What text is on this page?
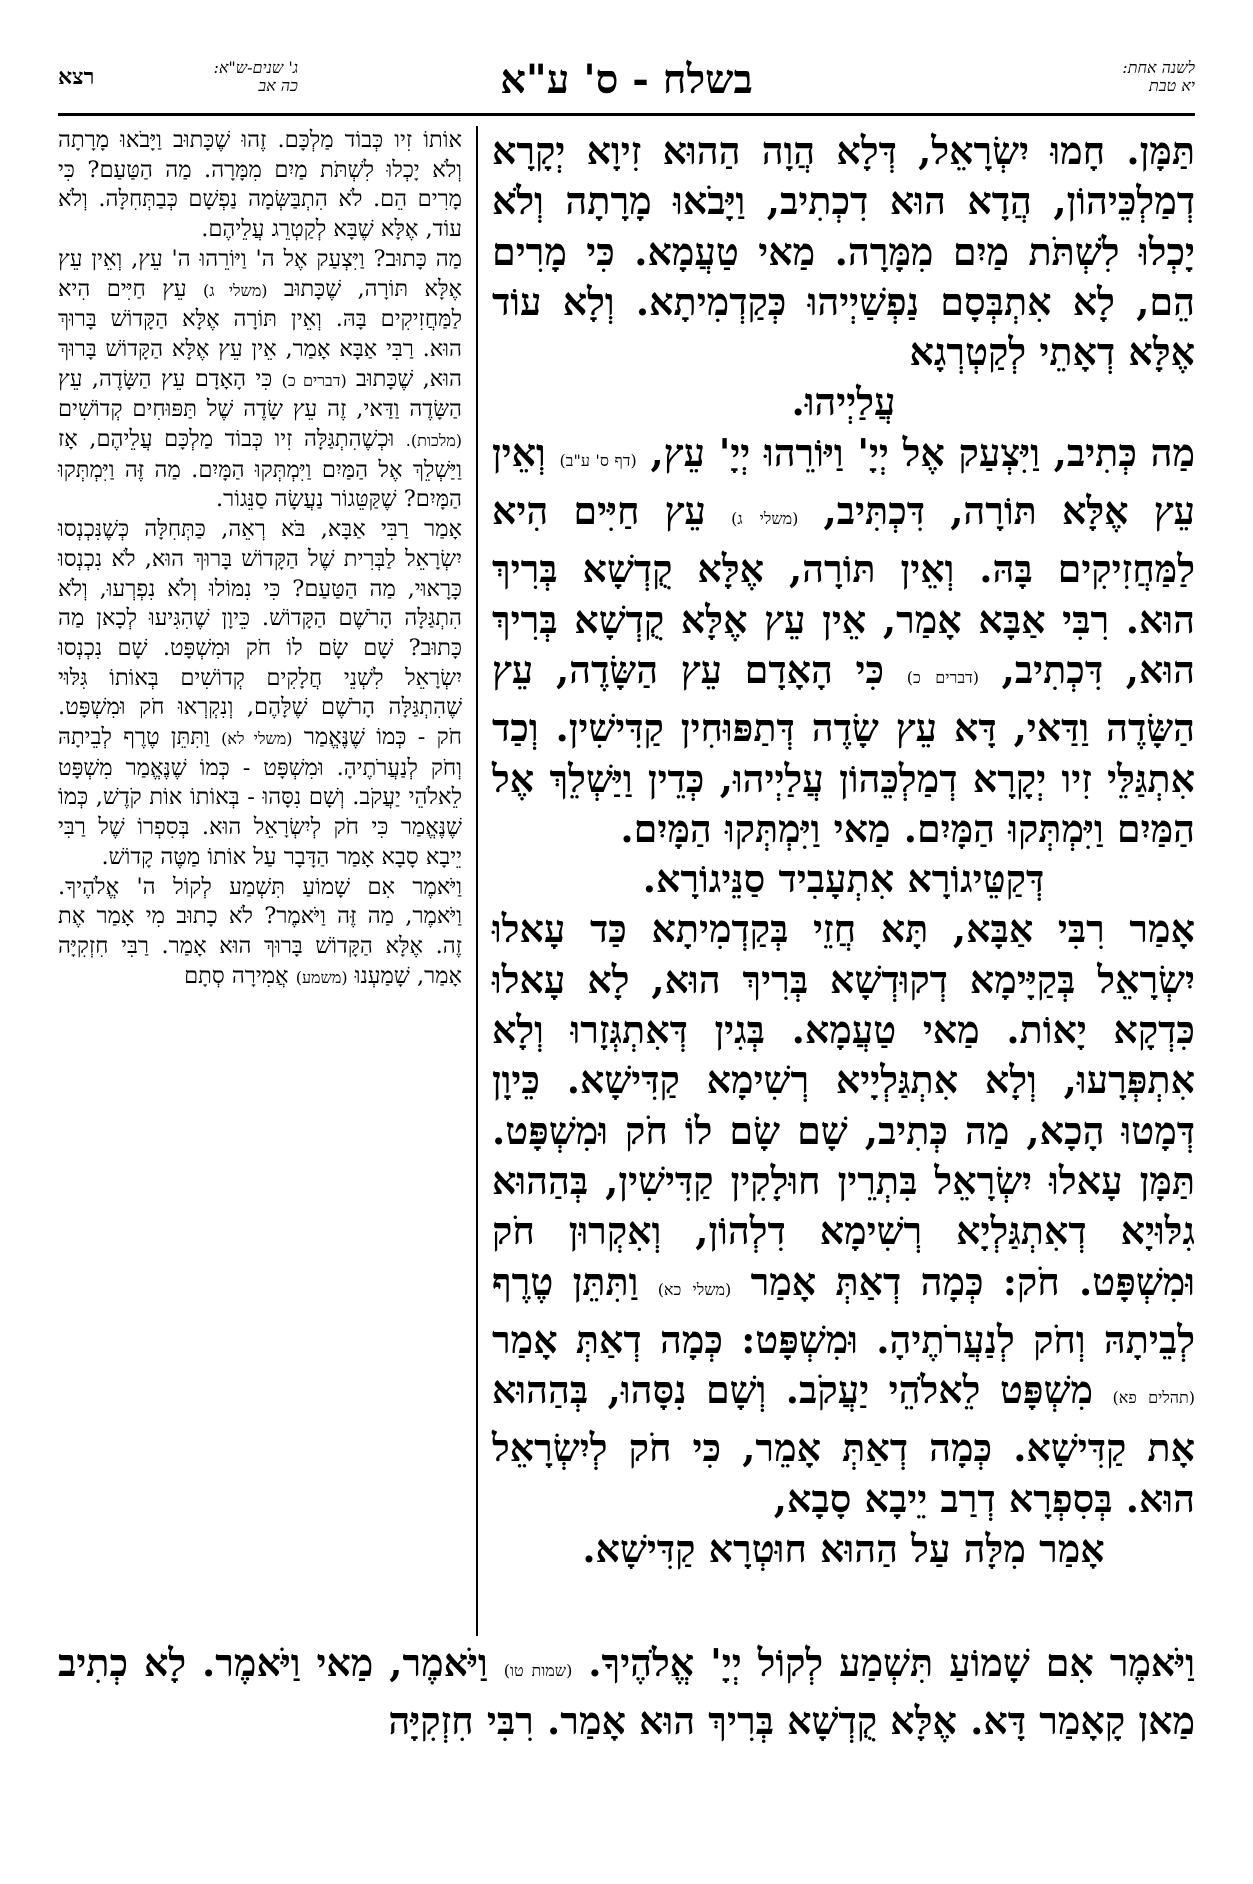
לשנה אחת:
יא טבת
בשלח - ס' ע"א
ג' שנים-ש"א:
כה אב
רצא

תַּמָּן. חָמוּ יִשְׂרָאֵל, דְּלָא הֲוָה הַהוּא זִיוָא יְקָרָא דְמַלְכֵּיהוֹן, הֲדָא הוּא דִכְתִיב, וַיָּבֹאוּ מָרָתָה וְלֹא יָכְלוּ לִשְׁתֹּת מַיִם מִמָּרָה. מַאי טַעֲמָא. כִּי מָרִים הֵם, לָא אִתְבְּסָם נַפְשַׁיְיהוּ כְּקַדְמִיתָא. וְלָא עוֹד אֶלָּא דְאָתֵי לְקַטְרְגָא

עֲלַיְיהוּ.

מַה כְּתִיב, וַיִּצְעַק אֶל יְיָ' וַיּוֹרֵהוּ יְיָ' עֵץ, (דף ס' ע"ב) וְאֵין עֵץ אֶלָּא תּוֹרָה, דִּכְתִּיב, (משלי ג) עֵץ חַיִּים הִיא לַמַּחֲזִיקִים בָּהּ. וְאֵין תּוֹרָה, אֶלָּא קֻדְשָׁא בְּרִיךְ הוּא. רִבִּי אַבָּא אָמַר, אֵין עֵץ אֶלָּא קֻדְשָׁא בְּרִיךְ הוּא, דִּכְתִיב, (דברים כ) כִּי הָאָדָם עֵץ הַשָּׂדֶה, עֵץ הַשָּׂדֶה וַדַּאי, דָּא עֵץ שָׂדֶה דְּתַפּוּחִין קַדִּישִׁין. וְכַד אִתְגַּלֵּי זִיו יְקָרָא דְמַלְכֵּהוֹן עֲלַיְיהוּ, כְּדֵין וַיַּשְׁלֵךְ אֶל הַמַּיִם וַיִּמְתְּקוּ הַמָּיִם. מַאי וַיִּמְתְּקוּ הַמָּיִם.

דְּקַטֵּיגוֹרָא אִתְעָבִיד סַנֵּיגוֹרָא.

אָמַר רִבִּי אַבָּא, תָּא חֲזֵי בְּקַדְמִיתָא כַּד עָאלוּ יִשְׂרָאֵל בְּקַיָּימָא דְקוּדְשָׁא בְּרִיךְ הוּא, לָא עָאלוּ כִּדְקָא יָאוֹת. מַאי טַעֲמָא. בְּגִין דְּאִתְגְּזָרוּ וְלָא אִתְפְּרָעוּ, וְלָא אִתְגַּלְיָיא רְשִׁימָא קַדִּישָׁא. כֵּיוָן דְּמָטוּ הָכָא, מַה כְּתִיב, שָׁם שָׂם לוֹ חֹק וּמִשְׁפָּט. תַּמָּן עָאלוּ יִשְׂרָאֵל בִּתְרֵין חוּלָקִין קַדִּישִׁין, בְּהַהוּא גִלּוּיָא דְאִתְגַּלְיָא רְשִׁימָא דִלְהוֹן, וְאִקְרוּן חֹק וּמִשְׁפָּט. חֹק: כְּמָה דְאַתְּ אָמַר (משלי כא) וַתִּתֵּן טֶרֶף לְבֵיתָהּ וְחֹק לְנַעֲרֹתֶיהָ. וּמִשְׁפָּט: כְּמָה דְאַתְּ אָמַר (תהלים פא) מִשְׁפָּט לֵאלֹהֵי יַעֲקֹב. וְשָׁם נִסָּהוּ, בְּהַהוּא אָת קַדִּישָׁא. כְּמָה דְאַתְּ אָמֵר, כִּי חֹק לְיִשְׂרָאֵל הוּא. בְּסִפְרָא דְרַב יֵיבָא סָבָא,

אָמַר מִלָּה עַל הַהוּא חוּטְרָא קַדִּישָׁא.

אוֹתוֹ זִיו כְּבוֹד מַלְכָּם. זֶהוּ שֶׁכָּתוּב וַיָּבֹאוּ מָרָתָה וְלֹא יָכְלוּ לִשְׁתֹּת מַיִם מִמָּרָה. מַה הַטַּעַם? כִּי מָרִים הֵם. לֹא הִתְבַּשְּׂמָה נַפְשָׁם כְּבַתְּחִלָּה. וְלֹא עוֹד, אֶלָּא שֶׁבָּא לְקַטְרֵג עֲלֵיהֶם.

מַה כָּתוּב? וַיִּצְעַק אֶל ה' וַיּוֹרֵהוּ ה' עֵץ, וְאֵין עֵץ אֶלָּא תּוֹרָה, שֶׁכָּתוּב (משלי ג) עֵץ חַיִּים הִיא לַמַּחֲזִיקִים בָּהּ. וְאֵין תּוֹרָה אֶלָּא הַקָּדוֹשׁ בָּרוּךְ הוּא. רַבִּי אַבָּא אָמַר, אֵין עֵץ אֶלָּא הַקָּדוֹשׁ בָּרוּךְ הוּא, שֶׁכָּתוּב (דברים כ) כִּי הָאָדָם עֵץ הַשָּׂדֶה, עֵץ הַשָּׂדֶה וַדַּאי, זֶה עֵץ שָׂדֶה שֶׁל תַּפּוּחִים קְדוֹשִׁים (מלכות). וּכְשֶׁהִתְגַּלָּה זִיו כְּבוֹד מַלְכָּם עֲלֵיהֶם, אָז וַיַּשְׁלֵךְ אֶל הַמַּיִם וַיִּמְתְּקוּ הַמָּיִם. מַה זֶּה וַיִּמְתְּקוּ הַמָּיִם? שֶׁקַּטֵּגוֹר נַעֲשָׂה סַנֵּגוֹר.

אָמַר רַבִּי אַבָּא, בֹּא רְאֵה, כַּתְּחִלָּה כְּשֶׁנִּכְנְסוּ יִשְׂרָאֵל לַבְּרִית שֶׁל הַקָּדוֹשׁ בָּרוּךְ הוּא, לֹא נִכְנְסוּ כָּרָאוּי, מַה הַטַּעַם? כִּי נִמּוֹלוּ וְלֹא נִפְרְעוּ, וְלֹא הִתְגַּלָּה הָרֹשֶׁם הַקָּדוֹשׁ. כֵּיוָן שֶׁהִגִּיעוּ לְכָאן מַה כָּתוּב? שָׁם שָׂם לוֹ חֹק וּמִשְׁפָּט. שָׁם נִכְנְסוּ יִשְׂרָאֵל לִשְׁנֵי חֲלָקִים קְדוֹשִׁים בְּאוֹתוֹ גִּלּוּי שֶׁהִתְגַּלָּה הָרֹשֶׁם שֶׁלָּהֶם, וְנִקְרְאוּ חֹק וּמִשְׁפָּט. חֹק - כְּמוֹ שֶׁנֶּאֱמַר (משלי לא) וַתִּתֵּן טֶרֶף לְבֵיתָהּ וְחֹק לְנַעֲרֹתֶיהָ. וּמִשְׁפָּט - כְּמוֹ שֶׁנֶּאֱמַר מִשְׁפָּט לֵאלֹהֵי יַעֲקֹב. וְשָׁם נִסָּהוּ - בְּאוֹתוֹ אוֹת קֹדֶשׁ, כְּמוֹ שֶׁנֶּאֱמַר כִּי חֹק לְיִשְׂרָאֵל הוּא. בְּסִפְרוֹ שֶׁל רַבִּי יֵיבָא סָבָא אָמַר הַדָּבָר עַל אוֹתוֹ מַטֶּה קָדוֹשׁ.

וַיֹּאמֶר אִם שָׁמוֹעַ תִּשְׁמַע לְקוֹל ה' אֱלֹהֶיךָ. וַיֹּאמֶר, מַה זֶּה וַיֹּאמֶר? לֹא כָתוּב מִי אָמַר אֶת זֶה. אֶלָּא הַקָּדוֹשׁ בָּרוּךְ הוּא אָמַר. רַבִּי חִזְקִיָּה אָמַר, שָׁמַעְנוּ (משמע) אֲמִירָה סְתָם

וַיֹּאמֶר אִם שָׁמוֹעַ תִּשְׁמַע לְקוֹל יְיָ' אֱלֹהֶיךָ. (שמות טו) וַיֹּאמֶר, מַאי וַיֹּאמֶר. לָא כְתִיב מַאן קָאָמַר דָּא. אֶלָּא קֻדְשָׁא בְּרִיךְ הוּא אָמַר. רִבִּי חִזְקִיָּה
